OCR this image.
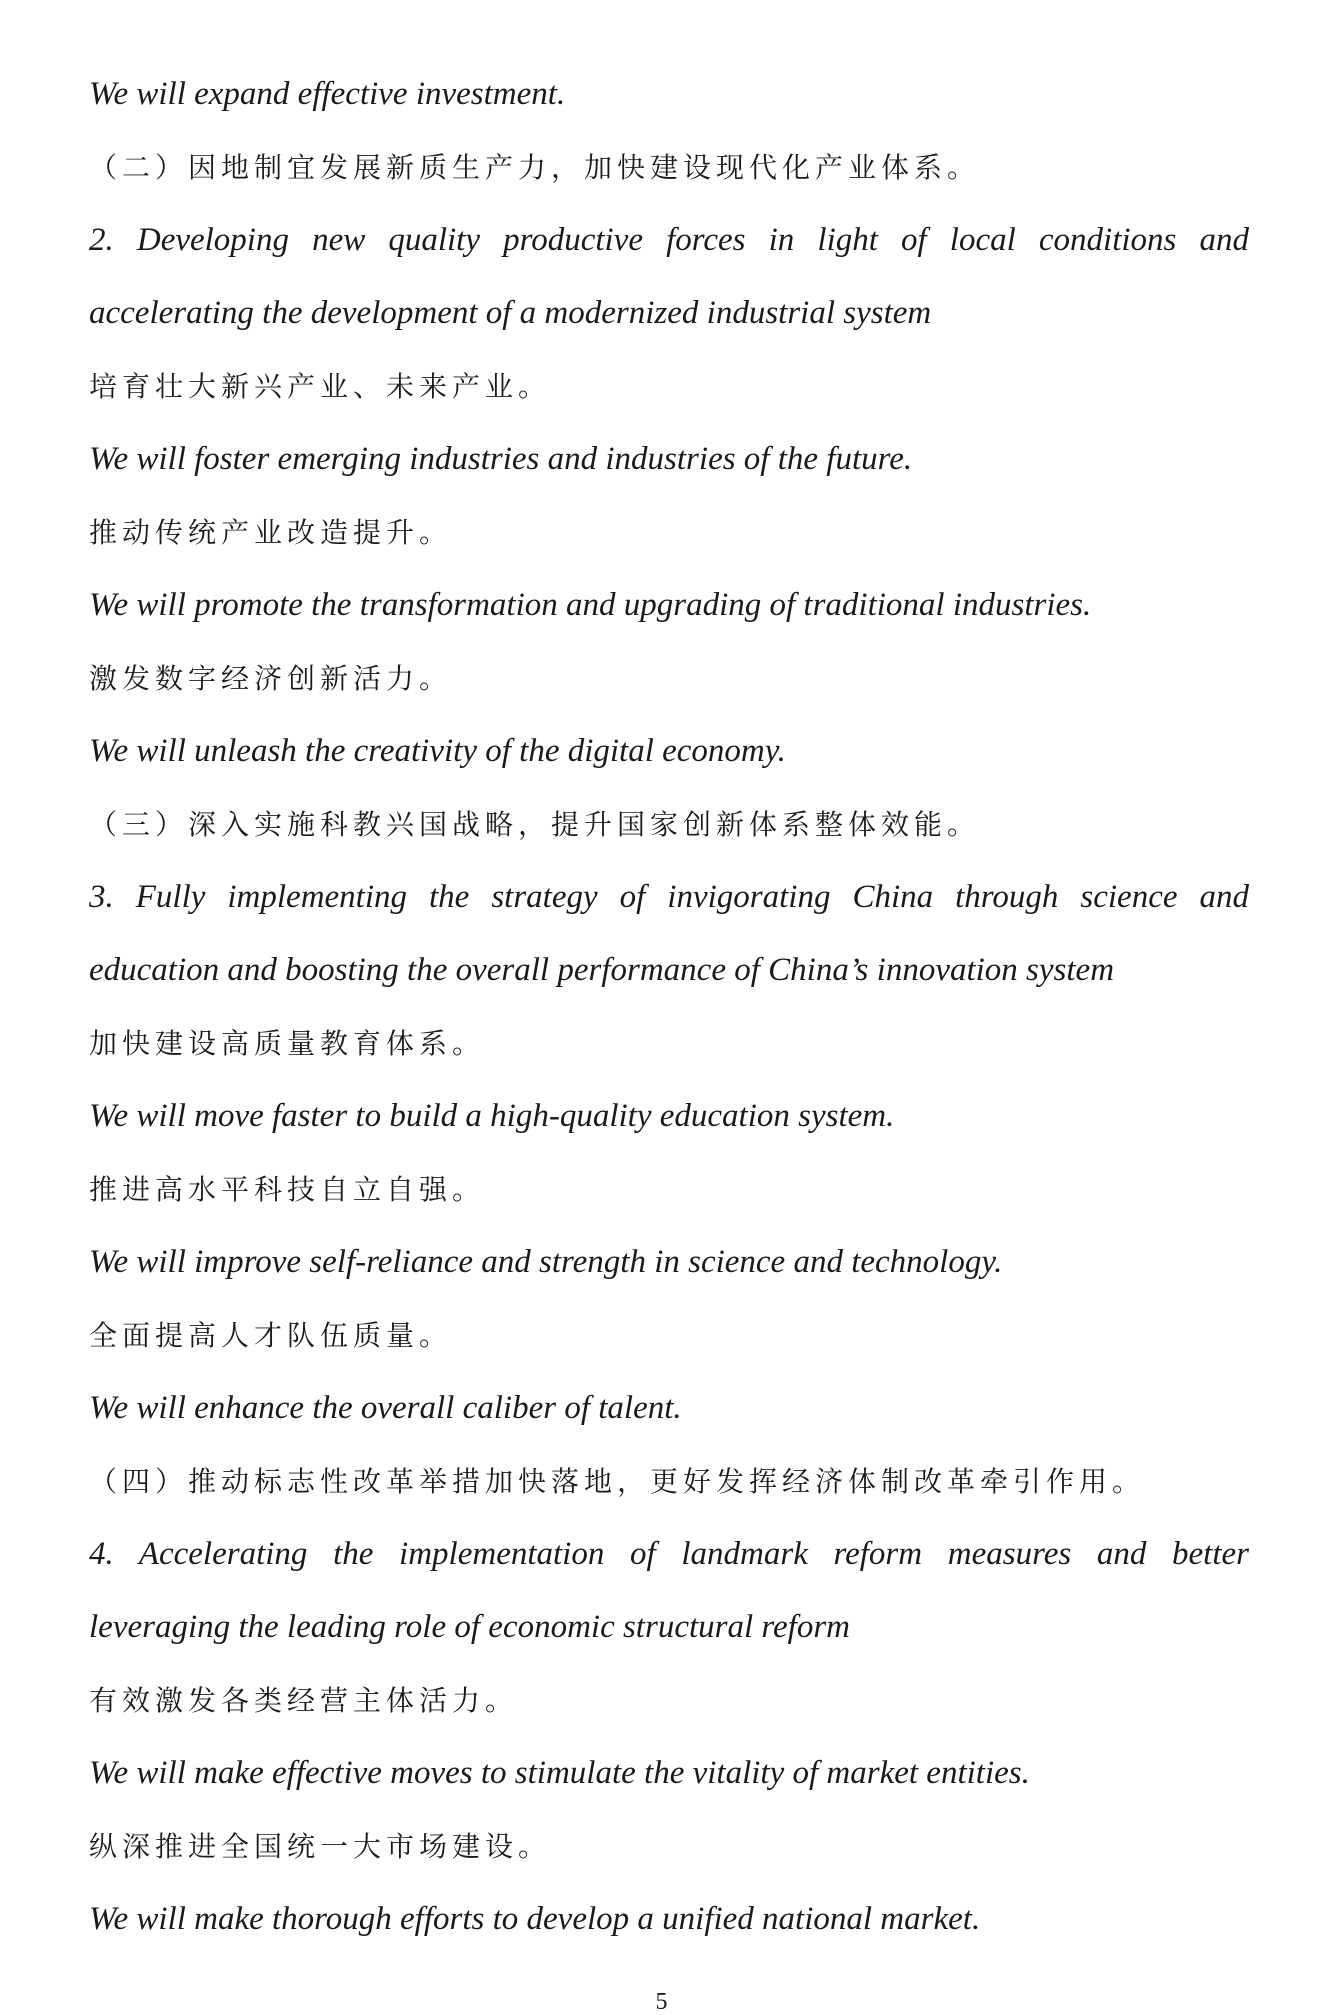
We will expand effective investment.

（二）因地制宜发展新质生产力，加快建设现代化产业体系。

2. Developing new quality productive forces in light of local conditions and

accelerating the development of a modernized industrial system

培育壮大新兴产业、未来产业。

We will foster emerging industries and industries of the future.

推动传统产业改造提升。

We will promote the transformation and upgrading of traditional industries.

激发数字经济创新活力。

We will unleash the creativity of the digital economy.

（三）深入实施科教兴国战略，提升国家创新体系整体效能。

3. Fully implementing the strategy of invigorating China through science and

education and boosting the overall performance of China’s innovation system

加快建设高质量教育体系。

We will move faster to build a high-quality education system.

推进高水平科技自立自强。

We will improve self-reliance and strength in science and technology.

全面提高人才队伍质量。

We will enhance the overall caliber of talent.

（四）推动标志性改革举措加快落地，更好发挥经济体制改革牵引作用。

4. Accelerating the implementation of landmark reform measures and better

leveraging the leading role of economic structural reform

有效激发各类经营主体活力。

We will make effective moves to stimulate the vitality of market entities.

纵深推进全国统一大市场建设。

We will make thorough efforts to develop a unified national market.

5
